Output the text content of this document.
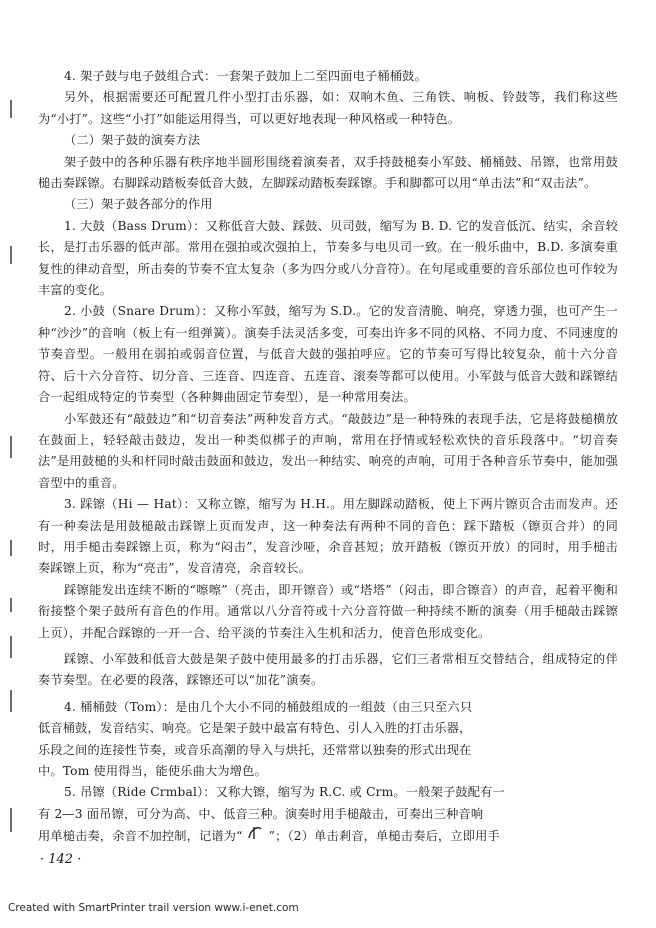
4. 架子鼓与电子鼓组合式：一套架子鼓加上二至四面电子桶桶鼓。

另外，根据需要还可配置几件小型打击乐器，如：双响木鱼、三角铁、响板、铃鼓等，我们称这些为“小打”。这些“小打”如能运用得当，可以更好地表现一种风格或一种特色。

（二）架子鼓的演奏方法

架子鼓中的各种乐器有秩序地半圆形围绕着演奏者，双手持鼓槌奏小军鼓、桶桶鼓、吊镲，也常用鼓槌击奏踩镲。右脚踩动踏板奏低音大鼓，左脚踩动踏板奏踩镲。手和脚都可以用“单击法”和“双击法”。

（三）架子鼓各部分的作用

1. 大鼓（Bass Drum）：又称低音大鼓、踩鼓、贝司鼓，缩写为 B. D. 它的发音低沉、结实，余音较长，是打击乐器的低声部。常用在强拍或次强拍上，节奏多与电贝司一致。在一般乐曲中，B.D. 多演奏重复性的律动音型，所击奏的节奏不宜太复杂（多为四分或八分音符）。在句尾或重要的音乐部位也可作较为丰富的变化。

2. 小鼓（Snare Drum）：又称小军鼓，缩写为 S.D.。它的发音清脆、响亮，穿透力强，也可产生一种“沙沙”的音响（板上有一组弹簧）。演奏手法灵活多变，可奏出许多不同的风格、不同力度、不同速度的节奏音型。一般用在弱拍或弱音位置，与低音大鼓的强拍呼应。它的节奏可写得比较复杂，前十六分音符、后十六分音符、切分音、三连音、四连音、五连音、滚奏等都可以使用。小军鼓与低音大鼓和踩镲结合一起组成特定的节奏型（各种舞曲固定节奏型），是一种常用奏法。

小军鼓还有“敲鼓边”和“切音奏法”两种发音方式。“敲鼓边”是一种特殊的表现手法，它是将鼓槌横放在鼓面上，轻轻敲击鼓边，发出一种类似梆子的声响，常用在抒情或轻松欢快的音乐段落中。“切音奏法”是用鼓槌的头和杆同时敲击鼓面和鼓边，发出一种结实、响亮的声响，可用于各种音乐节奏中，能加强音型中的重音。

3. 踩镲（Hi — Hat）：又称立镲，缩写为 H.H.。用左脚踩动踏板，使上下两片镲页合击而发声。还有一种奏法是用鼓槌敲击踩镲上页而发声，这一种奏法有两种不同的音色：踩下踏板（镲页合并）的同时，用手槌击奏踩镲上页，称为“闷击”，发音沙哑，余音甚短；放开踏板（镲页开放）的同时，用手槌击奏踩镲上页，称为“亮击”，发音清亮，余音较长。

踩镲能发出连续不断的“嚓嚓”（亮击，即开镲音）或“塔塔”（闷击，即合镲音）的声音，起着平衡和衔接整个架子鼓所有音色的作用。通常以八分音符或十六分音符做一种持续不断的演奏（用手槌敲击踩镲上页），并配合踩镲的一开一合、给平淡的节奏注入生机和活力，使音色形成变化。

踩镲、小军鼓和低音大鼓是架子鼓中使用最多的打击乐器，它们三者常相互交替结合，组成特定的伴奏节奏型。在必要的段落，踩镲还可以“加花”演奏。

4. 桶桶鼓（Tom）：是由几个大小不同的桶鼓组成的一组鼓（由三只至六只

低音桶鼓，发音结实、响亮。它是架子鼓中最富有特色、引人入胜的打击乐器，

乐段之间的连接性节奏，或音乐高潮的导入与烘托，还常常以独奏的形式出现在

中。Tom 使用得当，能使乐曲大为增色。

5. 吊镲（Ride Crmbal）：又称大镲，缩写为 R.C. 或 Crm。一般架子鼓配有一

有 2—3 面吊镲，可分为高、中、低音三种。演奏时用手槌敲击，可奏出三种音响

用单槌击奏，余音不加控制，记谱为“ ”；（2）单击剎音，单槌击奏后，立即用手

· 142 ·
Created with SmartPrinter trail version www.i-enet.com
